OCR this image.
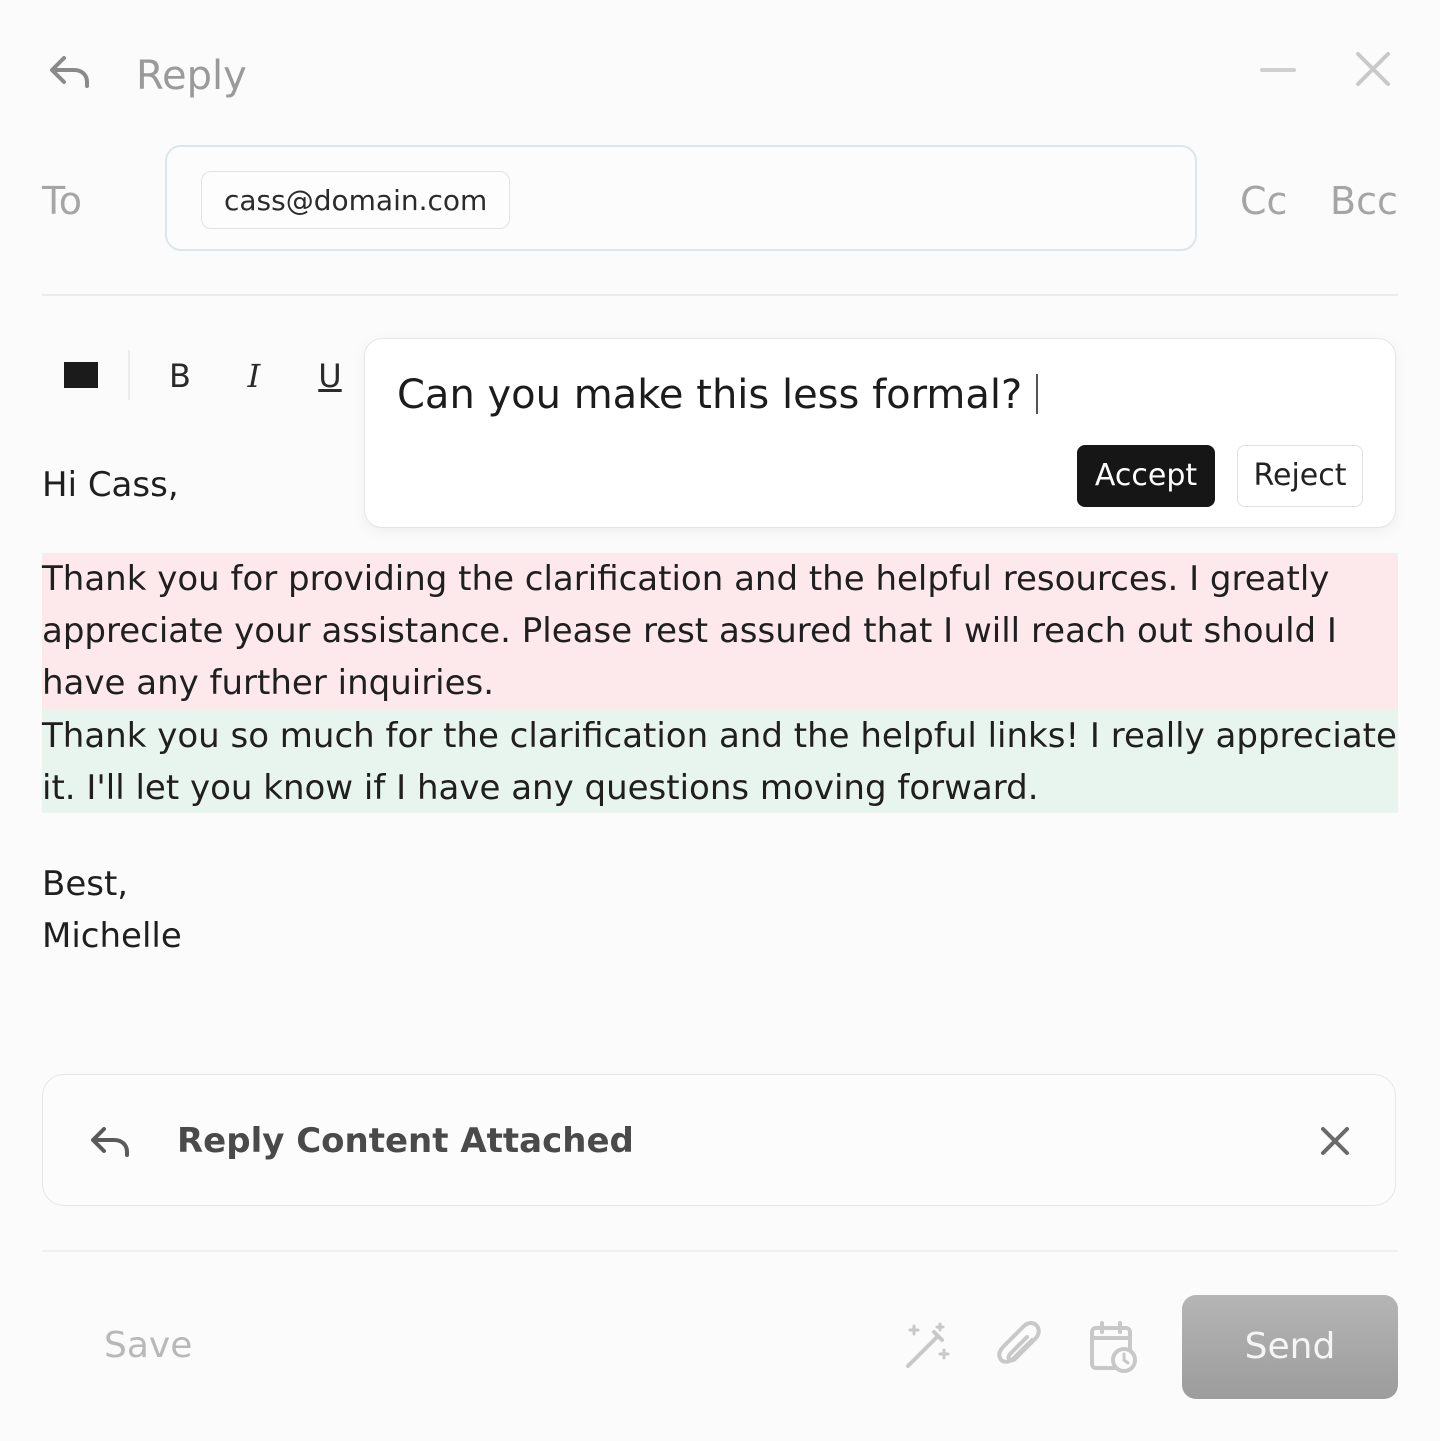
Reply
To	cass@domain.com	Cc Bcc
B	I	U Can you make this less formal?
Accept	Reject
Hi Cass,

Thank you for providing the clarification and the helpful resources. I greatly appreciate your assistance. Please rest assured that I will reach out should I have any further inquiries.

Thank you so much for the clarification and the helpful links! I really appreciate it. I'll let you know if I have any questions moving forward.

Best,
Michelle
Reply Content Attached
Save	Send
